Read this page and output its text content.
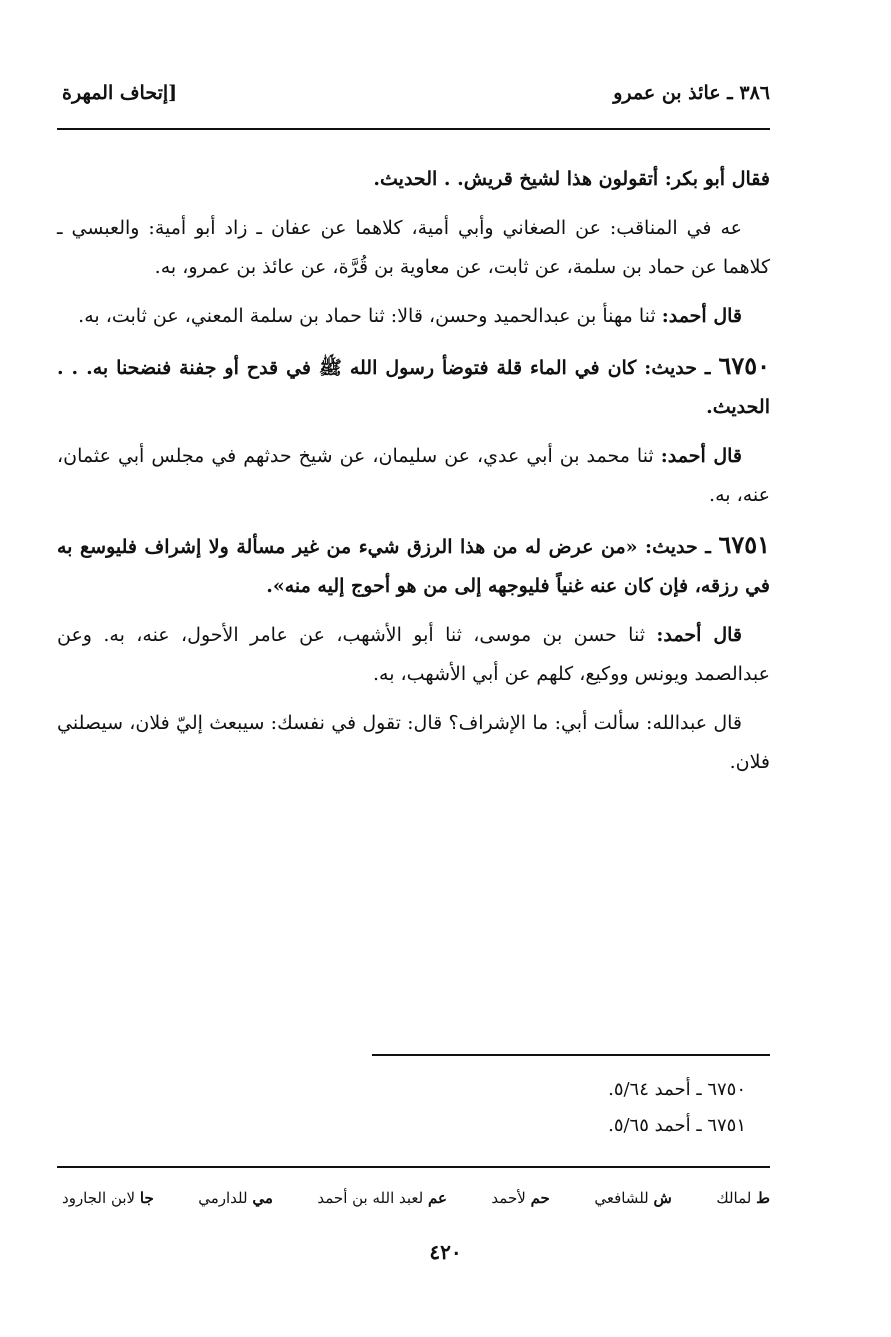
٣٨٦ ـ عائذ بن عمرو
[إتحاف المهرة

فقال أبو بكر: أتقولون هذا لشيخ قريش. . الحديث.

عه في المناقب: عن الصغاني وأبي أمية، كلاهما عن عفان ـ زاد أبو أمية: والعبسي ـ كلاهما عن حماد بن سلمة، عن ثابت، عن معاوية بن قُرَّة، عن عائذ بن عمرو، به.

قال أحمد: ثنا مهنأ بن عبدالحميد وحسن، قالا: ثنا حماد بن سلمة المعني، عن ثابت، به.

٦٧٥٠ ـ حديث: كان في الماء قلة فتوضأ رسول الله ﷺ في قدح أو جفنة فنضحنا به. . . الحديث.

قال أحمد: ثنا محمد بن أبي عدي، عن سليمان، عن شيخ حدثهم في مجلس أبي عثمان، عنه، به.

٦٧٥١ ـ حديث: «من عرض له من هذا الرزق شيء من غير مسألة ولا إشراف فليوسع به في رزقه، فإن كان عنه غنياً فليوجهه إلى من هو أحوج إليه منه».

قال أحمد: ثنا حسن بن موسى، ثنا أبو الأشهب، عن عامر الأحول، عنه، به. وعن عبدالصمد ويونس ووكيع، كلهم عن أبي الأشهب، به.

قال عبدالله: سألت أبي: ما الإشراف؟ قال: تقول في نفسك: سيبعث إليّ فلان، سيصلني فلان.

٦٧٥٠ ـ أحمد ٥/٦٤.
٦٧٥١ ـ أحمد ٥/٦٥.
ط لمالك
ش للشافعي
حم لأحمد
عم لعبد الله بن أحمد
مي للدارمي
جا لابن الجارود
٤٢٠
